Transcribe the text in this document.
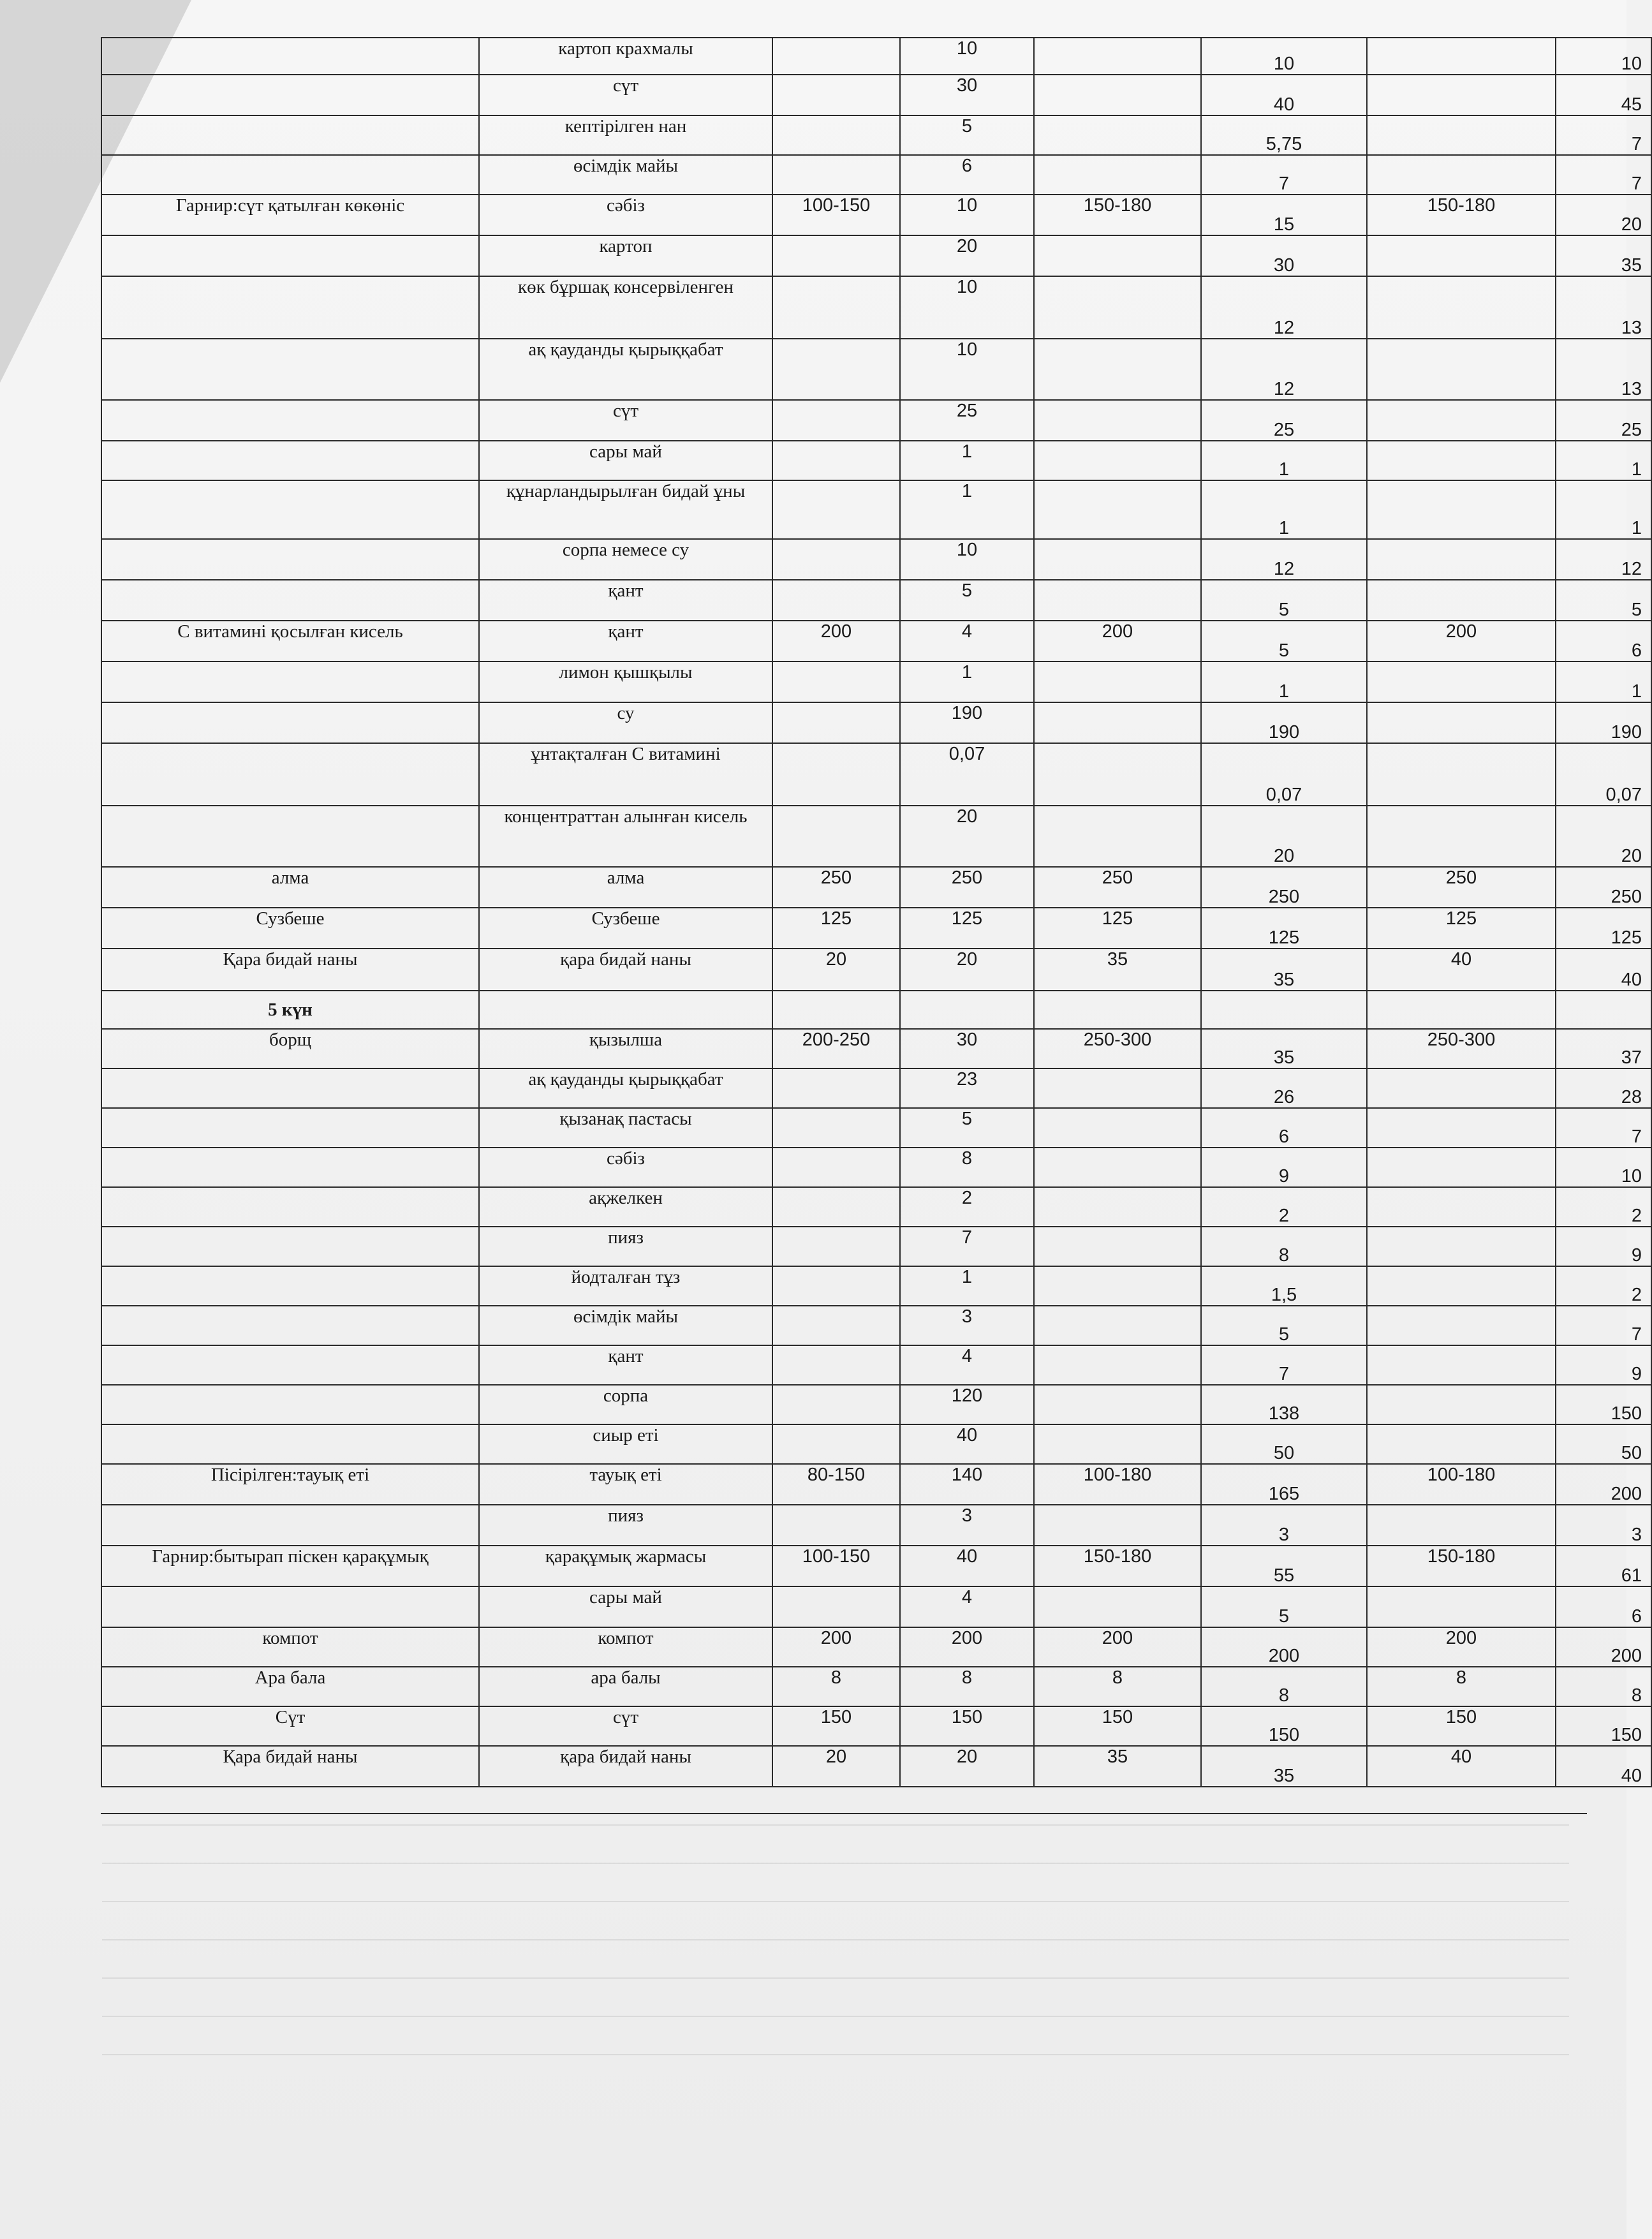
	картоп крахмалы		10		10		10
	сүт		30		40		45
	кептірілген нан		5		5,75		7
	өсімдік майы		6		7		7
Гарнир:сүт қатылған көкөніс	сәбіз	100-150	10	150-180	15	150-180	20
	картоп		20		30		35
	көк бұршақ консервіленген		10		12		13
	ақ қауданды қырыққабат		10		12		13
	сүт		25		25		25
	сары май		1		1		1
	құнарландырылған бидай ұны		1		1		1
	сорпа немесе су		10		12		12
	қант		5		5		5
С витамині қосылған кисель	қант	200	4	200	5	200	6
	лимон қышқылы		1		1		1
	су		190		190		190
	ұнтақталған С витамині		0,07		0,07		0,07
	концентраттан алынған кисель		20		20		20
алма	алма	250	250	250	250	250	250
Сузбеше	Сузбеше	125	125	125	125	125	125
Қара бидай наны	қара бидай наны	20	20	35	35	40	40
5 күн							
борщ	қызылша	200-250	30	250-300	35	250-300	37
	ақ қауданды қырыққабат		23		26		28
	қызанақ пастасы		5		6		7
	сәбіз		8		9		10
	ақжелкен		2		2		2
	пияз		7		8		9
	йодталған тұз		1		1,5		2
	өсімдік майы		3		5		7
	қант		4		7		9
	сорпа		120		138		150
	сиыр еті		40		50		50
Пісірілген:тауық еті	тауық еті	80-150	140	100-180	165	100-180	200
	пияз		3		3		3
Гарнир:бытырап піскен қарақұмық	қарақұмық жармасы	100-150	40	150-180	55	150-180	61
	сары май		4		5		6
компот	компот	200	200	200	200	200	200
Ара бала	ара балы	8	8	8	8	8	8
Сүт	сүт	150	150	150	150	150	150
Қара бидай наны	қара бидай наны	20	20	35	35	40	40
